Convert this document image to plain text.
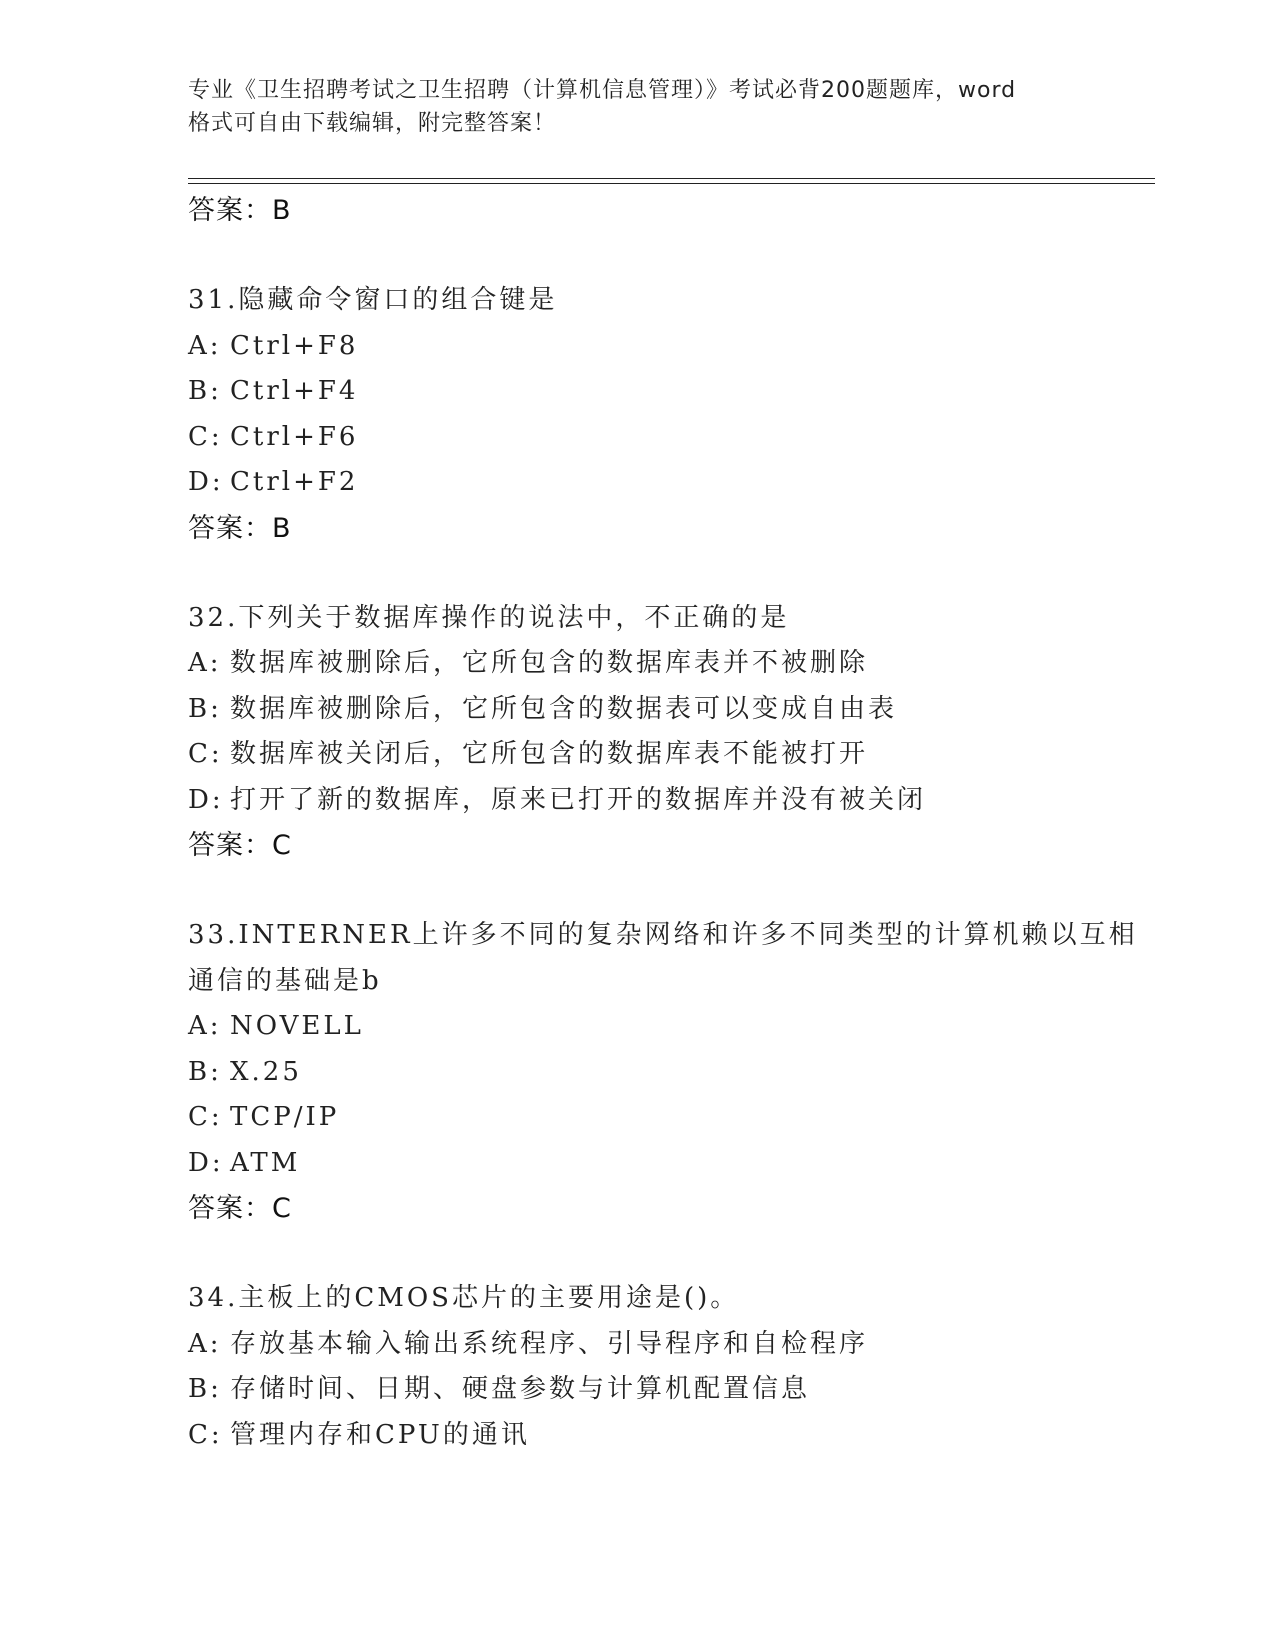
专业《卫生招聘考试之卫生招聘（计算机信息管理）》考试必背200题题库，word
格式可自由下载编辑，附完整答案！
答案：B
31.隐藏命令窗口的组合键是
A: Ctrl+F8
B: Ctrl+F4
C: Ctrl+F6
D: Ctrl+F2
答案：B
32.下列关于数据库操作的说法中，不正确的是
A: 数据库被删除后，它所包含的数据库表并不被删除
B: 数据库被删除后，它所包含的数据表可以变成自由表
C: 数据库被关闭后，它所包含的数据库表不能被打开
D: 打开了新的数据库，原来已打开的数据库并没有被关闭
答案：C
33.INTERNER上许多不同的复杂网络和许多不同类型的计算机赖以互相
通信的基础是b
A: NOVELL
B: X.25
C: TCP/IP
D: ATM
答案：C
34.主板上的CMOS芯片的主要用途是()。
A: 存放基本输入输出系统程序、引导程序和自检程序
B: 存储时间、日期、硬盘参数与计算机配置信息
C: 管理内存和CPU的通讯
